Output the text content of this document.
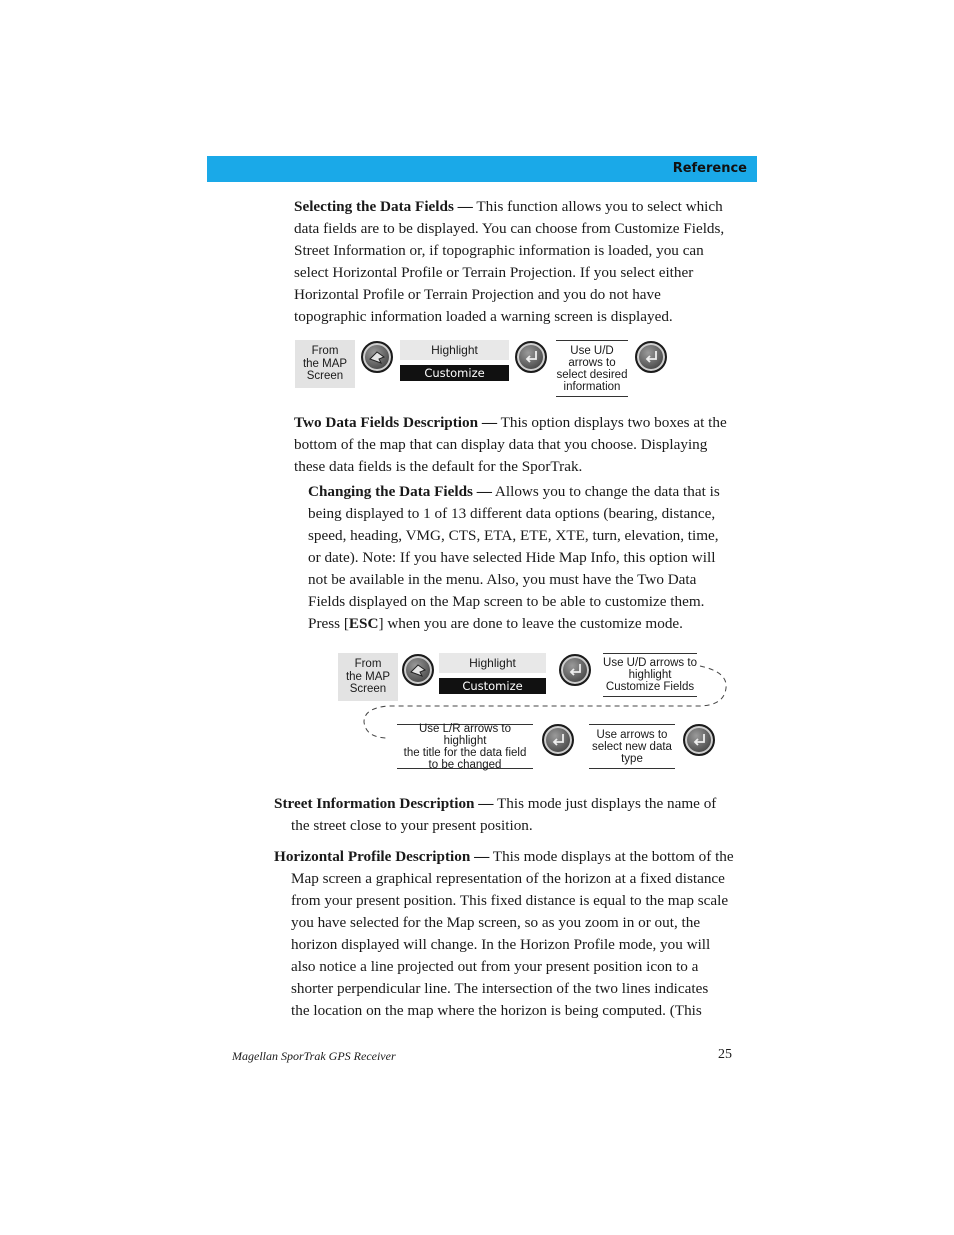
Reference
Selecting the Data Fields — This function allows you to select which
data fields are to be displayed. You can choose from Customize Fields,
Street Information or, if topographic information is loaded, you can
select Horizontal Profile or Terrain Projection. If you select either
Horizontal Profile or Terrain Projection and you do not have
topographic information loaded a warning screen is displayed.
From
the MAP
Screen
Highlight
Customize
Use U/D
arrows to
select desired
information
Two Data Fields Description — This option displays two boxes at the
bottom of the map that can display data that you choose. Displaying
these data fields is the default for the SporTrak.
Changing the Data Fields — Allows you to change the data that is
being displayed to 1 of 13 different data options (bearing, distance,
speed, heading, VMG, CTS, ETA, ETE, XTE, turn, elevation, time,
or date). Note: If you have selected Hide Map Info, this option will
not be available in the menu. Also, you must have the Two Data
Fields displayed on the Map screen to be able to customize them.
Press [ESC] when you are done to leave the customize mode.
From
the MAP
Screen
Highlight
Customize
Use U/D arrows to
highlight
Customize Fields
Use L/R arrows to highlight
the title for the data field
to be changed
Use arrows to
select new data
type
Street Information Description — This mode just displays the name of
the street close to your present position.
Horizontal Profile Description — This mode displays at the bottom of the
Map screen a graphical representation of the horizon at a fixed distance
from your present position. This fixed distance is equal to the map scale
you have selected for the Map screen, so as you zoom in or out, the
horizon displayed will change. In the Horizon Profile mode, you will
also notice a line projected out from your present position icon to a
shorter perpendicular line. The intersection of the two lines indicates
the location on the map where the horizon is being computed. (This
Magellan SporTrak GPS Receiver	25
